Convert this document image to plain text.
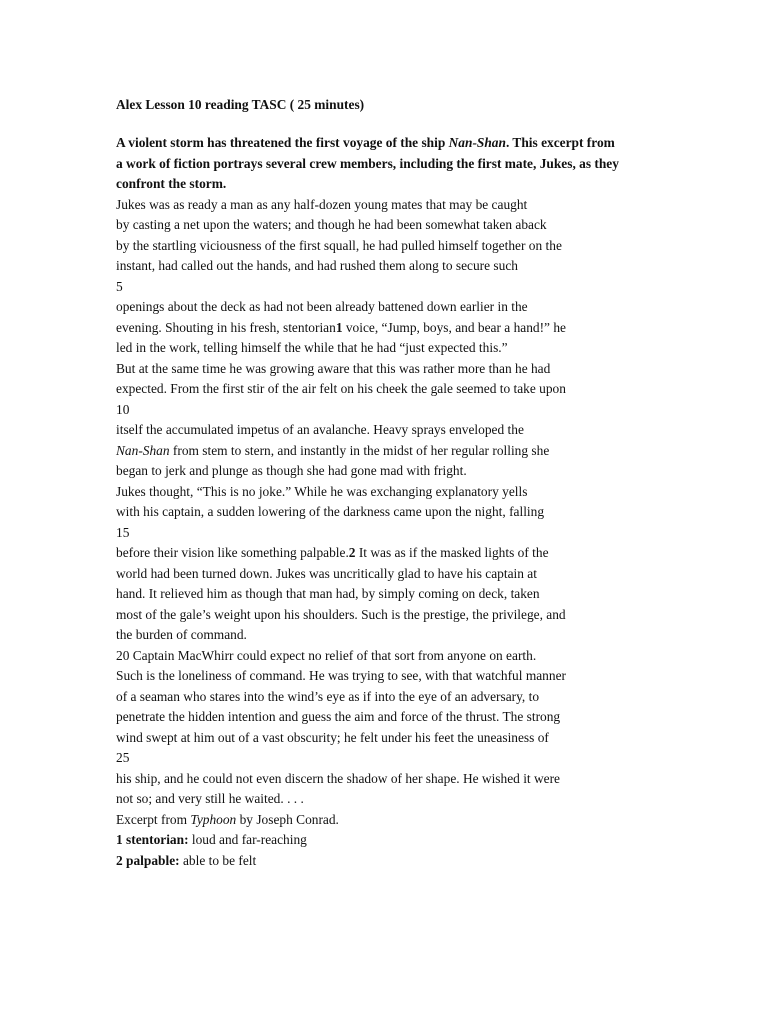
Alex Lesson 10 reading TASC ( 25 minutes)

A violent storm has threatened the first voyage of the ship Nan-Shan. This excerpt from
a work of fiction portrays several crew members, including the first mate, Jukes, as they
confront the storm.
Jukes was as ready a man as any half-dozen young mates that may be caught
by casting a net upon the waters; and though he had been somewhat taken aback
by the startling viciousness of the first squall, he had pulled himself together on the
instant, had called out the hands, and had rushed them along to secure such
5
openings about the deck as had not been already battened down earlier in the
evening. Shouting in his fresh, stentorian1 voice, “Jump, boys, and bear a hand!” he
led in the work, telling himself the while that he had “just expected this.”
But at the same time he was growing aware that this was rather more than he had
expected. From the first stir of the air felt on his cheek the gale seemed to take upon
10
itself the accumulated impetus of an avalanche. Heavy sprays enveloped the
Nan-Shan from stem to stern, and instantly in the midst of her regular rolling she
began to jerk and plunge as though she had gone mad with fright.
Jukes thought, “This is no joke.” While he was exchanging explanatory yells
with his captain, a sudden lowering of the darkness came upon the night, falling
15
before their vision like something palpable.2 It was as if the masked lights of the
world had been turned down. Jukes was uncritically glad to have his captain at
hand. It relieved him as though that man had, by simply coming on deck, taken
most of the gale’s weight upon his shoulders. Such is the prestige, the privilege, and
the burden of command.
20 Captain MacWhirr could expect no relief of that sort from anyone on earth.
Such is the loneliness of command. He was trying to see, with that watchful manner
of a seaman who stares into the wind’s eye as if into the eye of an adversary, to
penetrate the hidden intention and guess the aim and force of the thrust. The strong
wind swept at him out of a vast obscurity; he felt under his feet the uneasiness of
25
his ship, and he could not even discern the shadow of her shape. He wished it were
not so; and very still he waited. . . .
Excerpt from Typhoon by Joseph Conrad.
1 stentorian: loud and far-reaching
2 palpable: able to be felt
